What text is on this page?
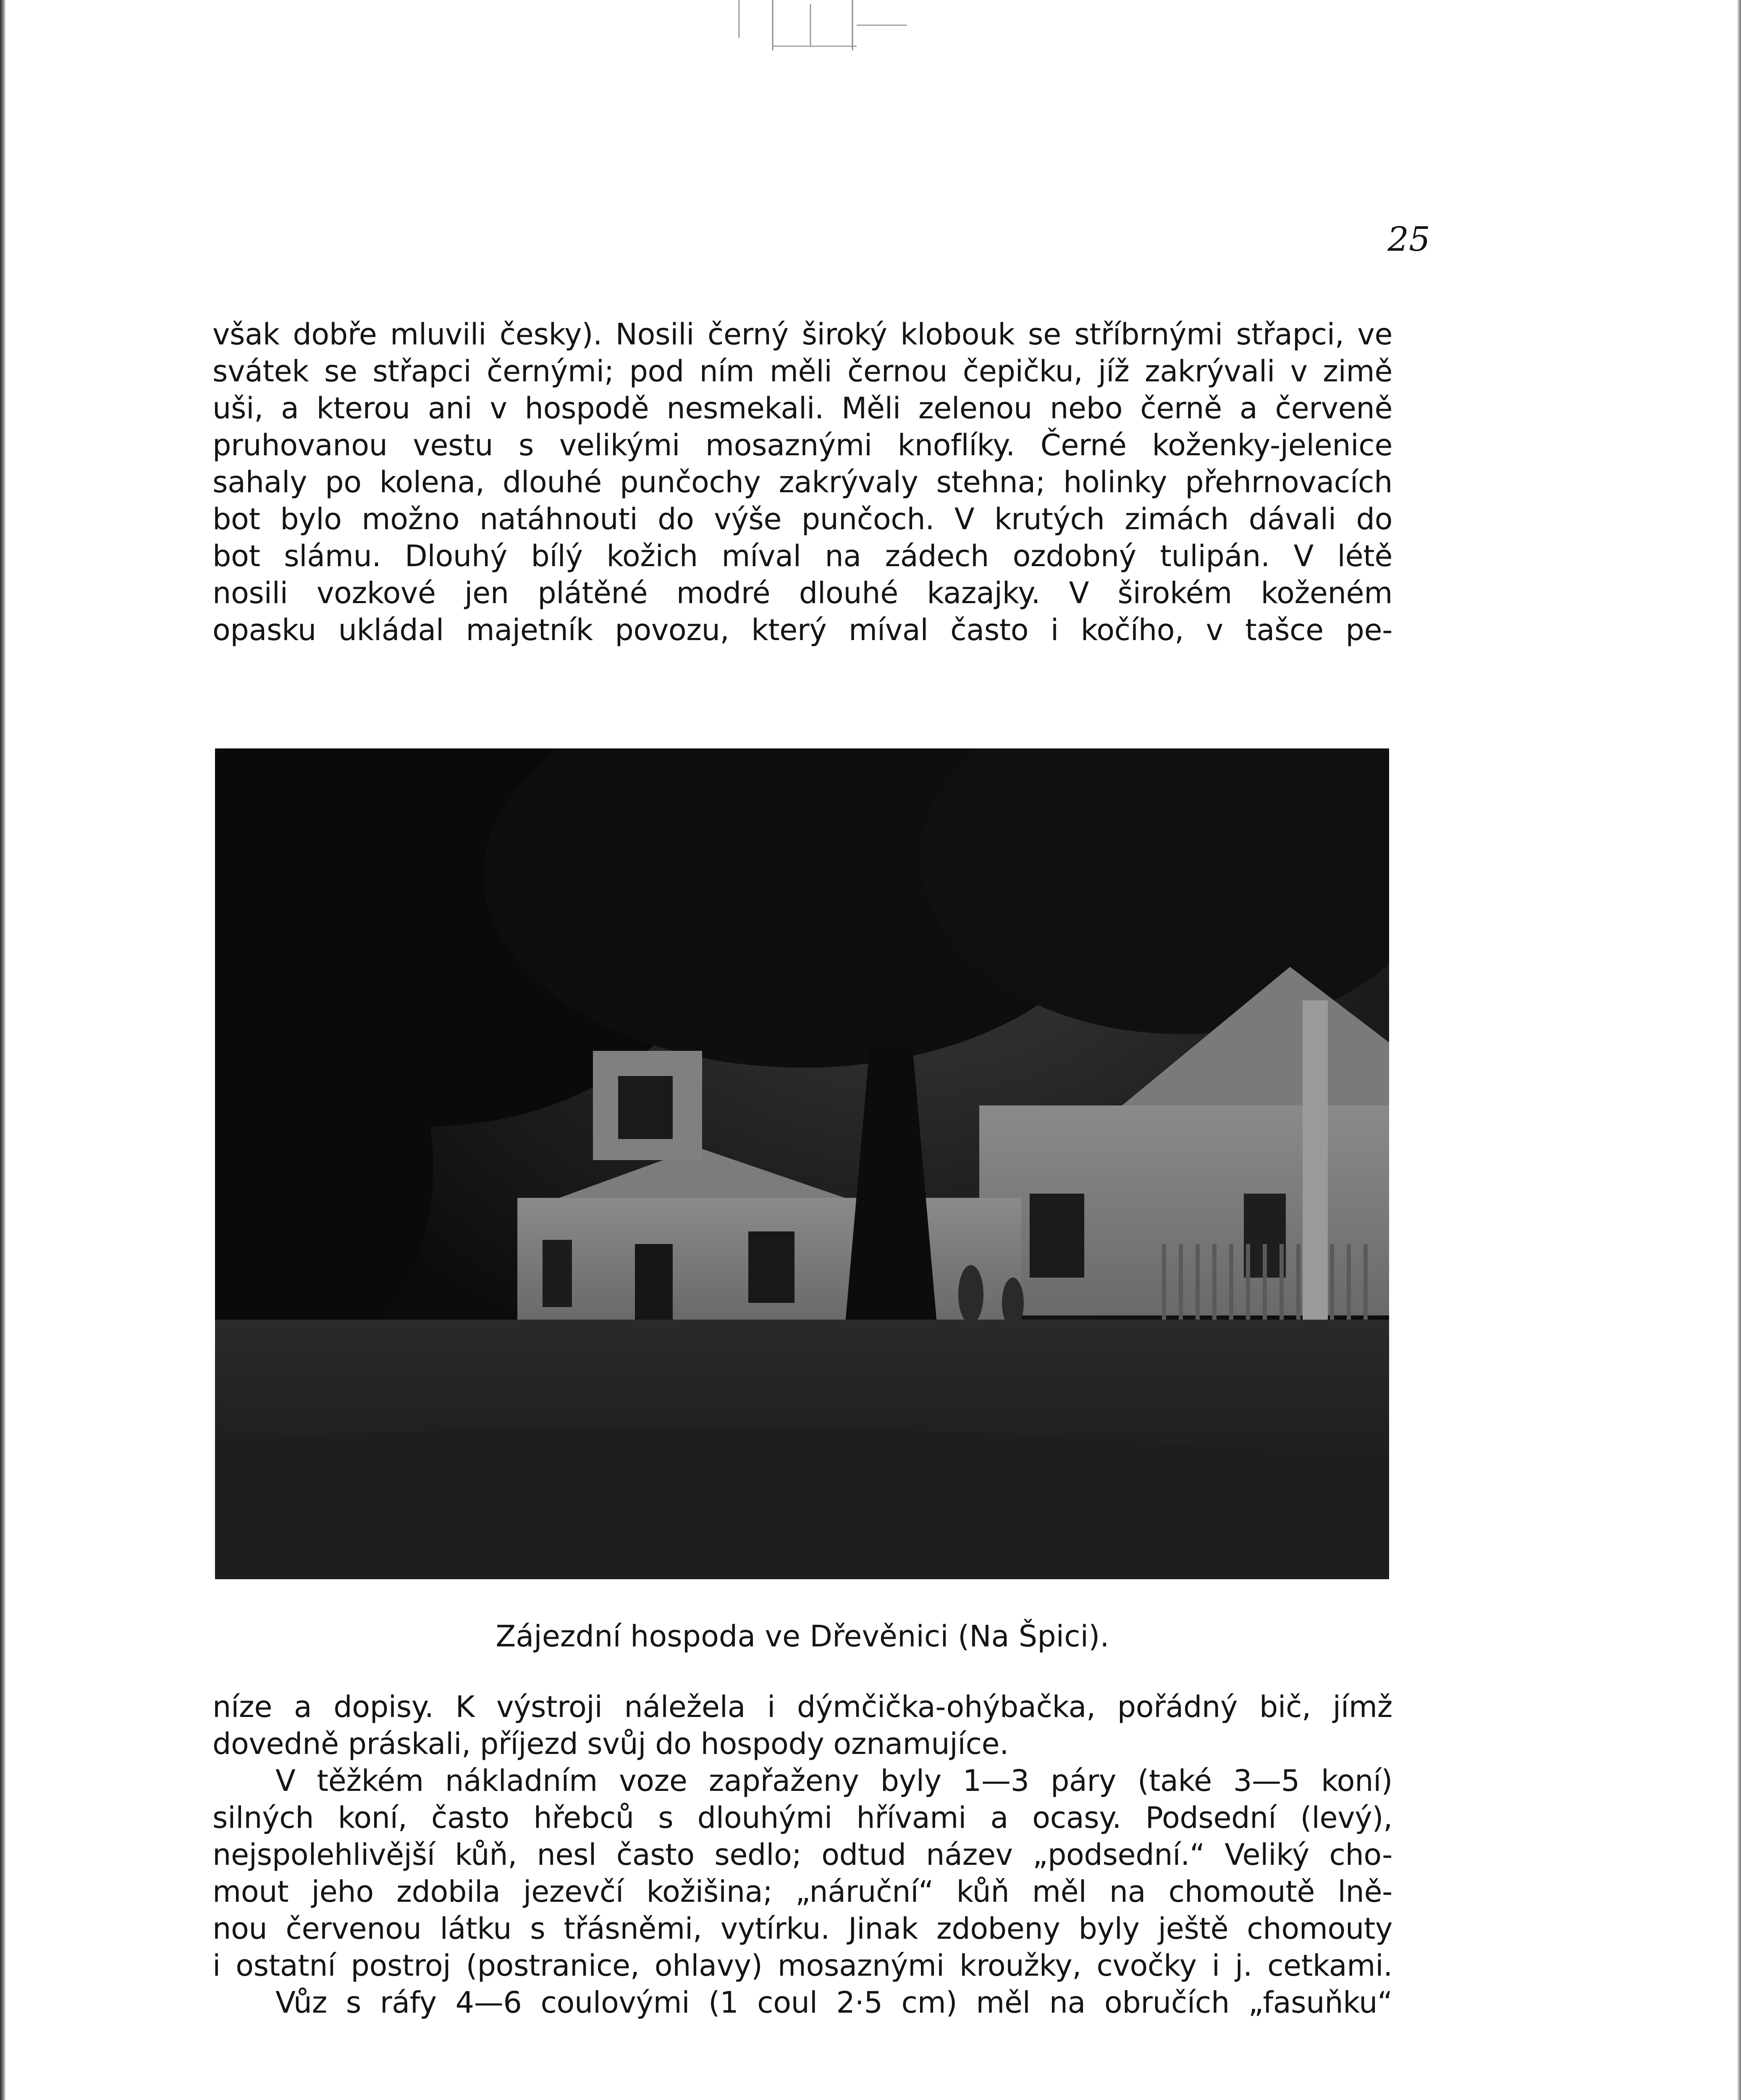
25
však dobře mluvili česky). Nosili černý široký klobouk se stříbrnými střapci, ve
svátek se střapci černými; pod ním měli černou čepičku, jíž zakrývali v zimě
uši, a kterou ani v hospodě nesmekali. Měli zelenou nebo černě a červeně
pruhovanou vestu s velikými mosaznými knoflíky. Černé koženky-jelenice
sahaly po kolena, dlouhé punčochy zakrývaly stehna; holinky přehrnovacích
bot bylo možno natáhnouti do výše punčoch. V krutých zimách dávali do
bot slámu. Dlouhý bílý kožich míval na zádech ozdobný tulipán. V létě
nosili vozkové jen plátěné modré dlouhé kazajky. V širokém koženém
opasku ukládal majetník povozu, který míval často i kočího, v tašce pe-
Zájezdní hospoda ve Dřevěnici (Na Špici).
níze a dopisy. K výstroji náležela i dýmčička-ohýbačka, pořádný bič, jímž
dovedně práskali, příjezd svůj do hospody oznamujíce.
V těžkém nákladním voze zapřaženy byly 1—3 páry (také 3—5 koní)
silných koní, často hřebců s dlouhými hřívami a ocasy. Podsední (levý),
nejspolehlivější kůň, nesl často sedlo; odtud název „podsední.“ Veliký cho-
mout jeho zdobila jezevčí kožišina; „náruční“ kůň měl na chomoutě lně-
nou červenou látku s třásněmi, vytírku. Jinak zdobeny byly ještě chomouty
i ostatní postroj (postranice, ohlavy) mosaznými kroužky, cvočky i j. cetkami.
Vůz s ráfy 4—6 coulovými (1 coul 2·5 cm) měl na obručích „fasuňku“
